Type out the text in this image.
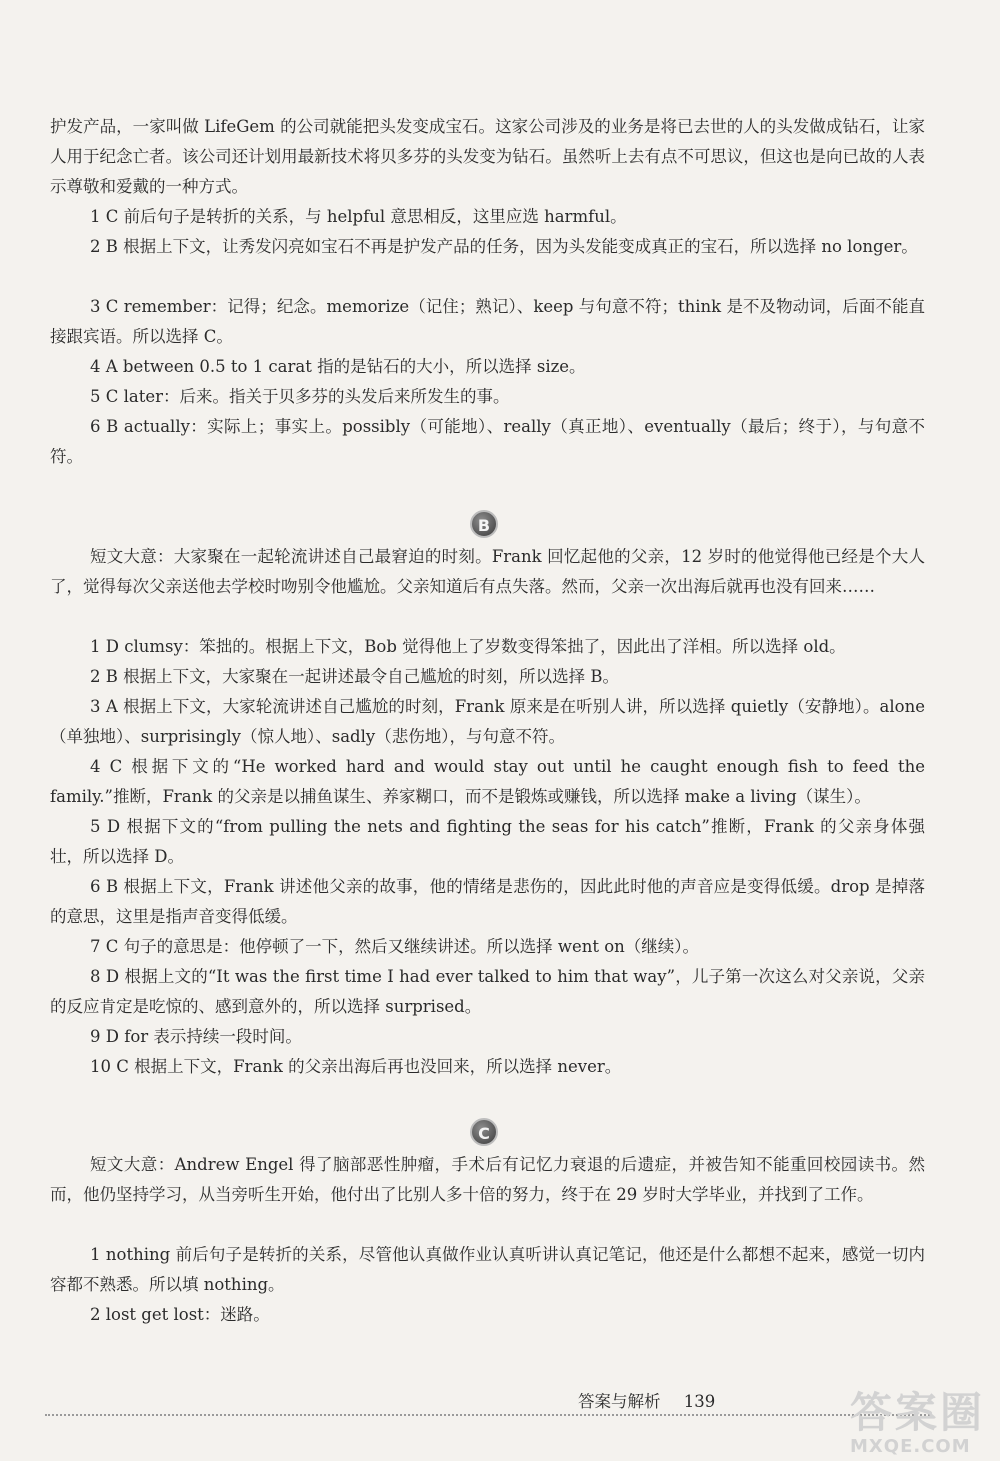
护发产品，一家叫做 LifeGem 的公司就能把头发变成宝石。这家公司涉及的业务是将已去世的人的头发做成钻石，让家人用于纪念亡者。该公司还计划用最新技术将贝多芬的头发变为钻石。虽然听上去有点不可思议，但这也是向已故的人表示尊敬和爱戴的一种方式。
1 C 前后句子是转折的关系，与 helpful 意思相反，这里应选 harmful。
2 B 根据上下文，让秀发闪亮如宝石不再是护发产品的任务，因为头发能变成真正的宝石，所以选择 no longer。
3 C remember：记得；纪念。memorize（记住；熟记）、keep 与句意不符；think 是不及物动词，后面不能直接跟宾语。所以选择 C。
4 A between 0.5 to 1 carat 指的是钻石的大小，所以选择 size。
5 C later：后来。指关于贝多芬的头发后来所发生的事。
6 B actually：实际上；事实上。possibly（可能地）、really（真正地）、eventually（最后；终于），与句意不符。
B
短文大意：大家聚在一起轮流讲述自己最窘迫的时刻。Frank 回忆起他的父亲，12 岁时的他觉得他已经是个大人了，觉得每次父亲送他去学校时吻别令他尴尬。父亲知道后有点失落。然而，父亲一次出海后就再也没有回来……
1 D clumsy：笨拙的。根据上下文，Bob 觉得他上了岁数变得笨拙了，因此出了洋相。所以选择 old。
2 B 根据上下文，大家聚在一起讲述最令自己尴尬的时刻，所以选择 B。
3 A 根据上下文，大家轮流讲述自己尴尬的时刻，Frank 原来是在听别人讲，所以选择 quietly（安静地）。alone（单独地）、surprisingly（惊人地）、sadly（悲伤地），与句意不符。
4 C 根据下文的“He worked hard and would stay out until he caught enough fish to feed the family.”推断，Frank 的父亲是以捕鱼谋生、养家糊口，而不是锻炼或赚钱，所以选择 make a living（谋生）。
5 D 根据下文的“from pulling the nets and fighting the seas for his catch”推断，Frank 的父亲身体强壮，所以选择 D。
6 B 根据上下文，Frank 讲述他父亲的故事，他的情绪是悲伤的，因此此时他的声音应是变得低缓。drop 是掉落的意思，这里是指声音变得低缓。
7 C 句子的意思是：他停顿了一下，然后又继续讲述。所以选择 went on（继续）。
8 D 根据上文的“It was the first time I had ever talked to him that way”，儿子第一次这么对父亲说，父亲的反应肯定是吃惊的、感到意外的，所以选择 surprised。
9 D for 表示持续一段时间。
10 C 根据上下文，Frank 的父亲出海后再也没回来，所以选择 never。
C
短文大意：Andrew Engel 得了脑部恶性肿瘤，手术后有记忆力衰退的后遗症，并被告知不能重回校园读书。然而，他仍坚持学习，从当旁听生开始，他付出了比别人多十倍的努力，终于在 29 岁时大学毕业，并找到了工作。
1 nothing 前后句子是转折的关系，尽管他认真做作业认真听讲认真记笔记，他还是什么都想不起来，感觉一切内容都不熟悉。所以填 nothing。
2 lost get lost：迷路。
答案与解析 139	答案圈
MXQE.COM
